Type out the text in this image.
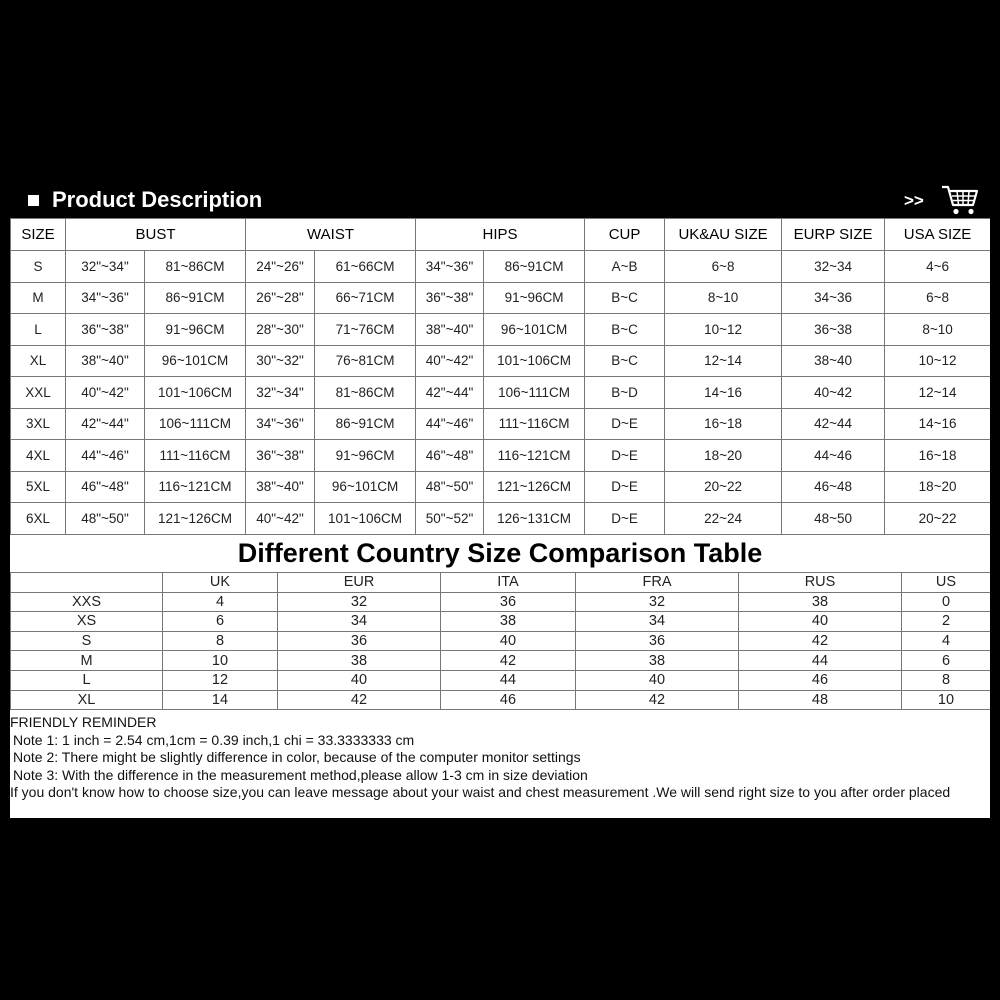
Product Description	>>
SIZE	BUST		WAIST		HIPS		CUP	UK&AU SIZE	EURP SIZE	USA SIZE
S	32"~34"	81~86CM	24"~26"	61~66CM	34"~36"	86~91CM	A~B	6~8	32~34	4~6
M	34"~36"	86~91CM	26"~28"	66~71CM	36"~38"	91~96CM	B~C	8~10	34~36	6~8
L	36"~38"	91~96CM	28"~30"	71~76CM	38"~40"	96~101CM	B~C	10~12	36~38	8~10
XL	38"~40"	96~101CM	30"~32"	76~81CM	40"~42"	101~106CM	B~C	12~14	38~40	10~12
XXL	40"~42"	101~106CM	32"~34"	81~86CM	42"~44"	106~111CM	B~D	14~16	40~42	12~14
3XL	42"~44"	106~111CM	34"~36"	86~91CM	44"~46"	111~116CM	D~E	16~18	42~44	14~16
4XL	44"~46"	111~116CM	36"~38"	91~96CM	46"~48"	116~121CM	D~E	18~20	44~46	16~18
5XL	46"~48"	116~121CM	38"~40"	96~101CM	48"~50"	121~126CM	D~E	20~22	46~48	18~20
6XL	48"~50"	121~126CM	40"~42"	101~106CM	50"~52"	126~131CM	D~E	22~24	48~50	20~22
Different Country Size Comparison Table
	UK	EUR	ITA	FRA	RUS	US
XXS	4	32	36	32	38	0
XS	6	34	38	34	40	2
S	8	36	40	36	42	4
M	10	38	42	38	44	6
L	12	40	44	40	46	8
XL	14	42	46	42	48	10
FRIENDLY REMINDER
Note 1: 1 inch = 2.54 cm,1cm = 0.39 inch,1 chi = 33.3333333 cm
Note 2: There might be slightly difference in color, because of the computer monitor settings
Note 3: With the difference in the measurement method,please allow 1-3 cm in size deviation
If you don't know how to choose size,you can leave message about your waist and chest measurement .We will send right size to you after order placed
